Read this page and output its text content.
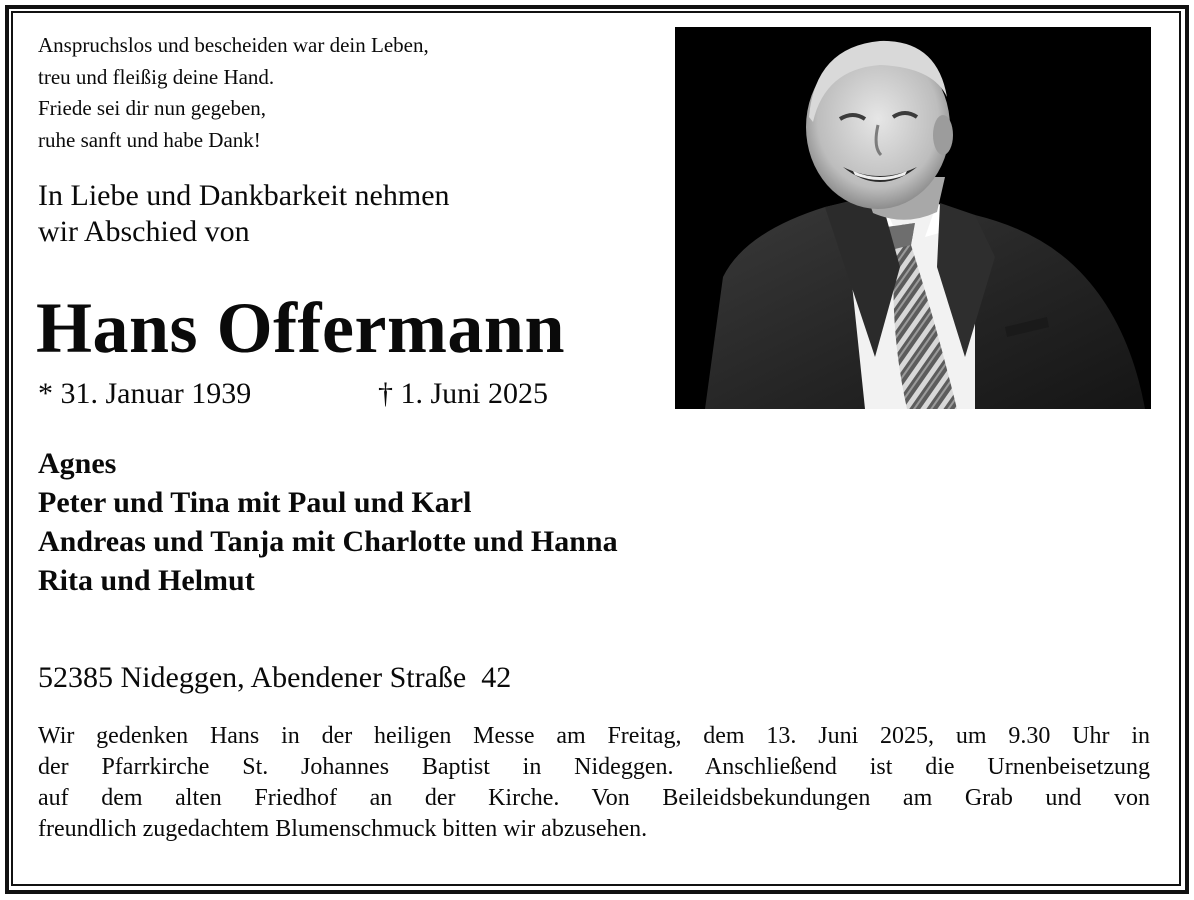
Anspruchslos und bescheiden war dein Leben,
treu und fleißig deine Hand.
Friede sei dir nun gegeben,
ruhe sanft und habe Dank!
In Liebe und Dankbarkeit nehmen
wir Abschied von
Hans Offermann
* 31. Januar 1939	† 1. Juni 2025
Agnes
Peter und Tina mit Paul und Karl
Andreas und Tanja mit Charlotte und Hanna
Rita und Helmut
52385 Nideggen, Abendener Straße  42
Wir gedenken Hans in der heiligen Messe am Freitag, dem 13. Juni 2025, um 9.30 Uhr in
der Pfarrkirche St. Johannes Baptist in Nideggen. Anschließend ist die Urnenbeisetzung
auf dem alten Friedhof an der Kirche. Von Beileidsbekundungen am Grab und von
freundlich zugedachtem Blumenschmuck bitten wir abzusehen.
